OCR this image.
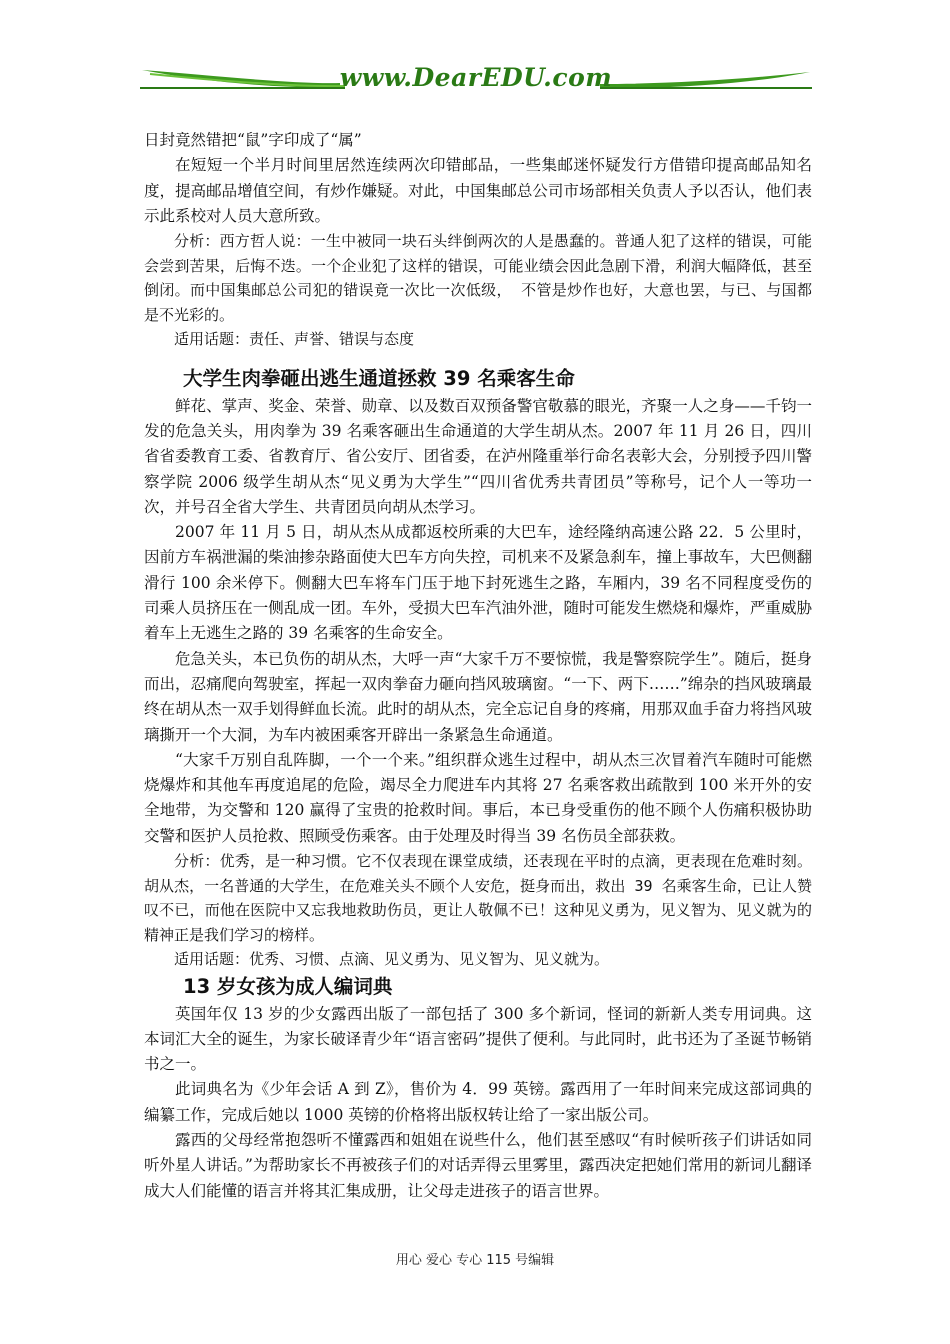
www.DearEDU.com

日封竟然错把“鼠”字印成了“属”

在短短一个半月时间里居然连续两次印错邮品，一些集邮迷怀疑发行方借错印提高邮品知名度，提高邮品增值空间，有炒作嫌疑。对此，中国集邮总公司市场部相关负责人予以否认，他们表示此系校对人员大意所致。

分析：西方哲人说：一生中被同一块石头绊倒两次的人是愚蠢的。普通人犯了这样的错误，可能会尝到苦果，后悔不迭。一个企业犯了这样的错误，可能业绩会因此急剧下滑，利润大幅降低，甚至倒闭。而中国集邮总公司犯的错误竟一次比一次低级， 不管是炒作也好，大意也罢，与已、与国都是不光彩的。

适用话题：责任、声誉、错误与态度

大学生肉拳砸出逃生通道拯救 39 名乘客生命

鲜花、掌声、奖金、荣誉、勋章、以及数百双预备警官敬慕的眼光，齐聚一人之身——千钧一发的危急关头，用肉拳为 39 名乘客砸出生命通道的大学生胡从杰。2007 年 11 月 26 日，四川省省委教育工委、省教育厅、省公安厅、团省委，在泸州隆重举行命名表彰大会，分别授予四川警察学院 2006 级学生胡从杰“见义勇为大学生”“四川省优秀共青团员”等称号，记个人一等功一次，并号召全省大学生、共青团员向胡从杰学习。

2007 年 11 月 5 日，胡从杰从成都返校所乘的大巴车，途经隆纳高速公路 22．5 公里时，因前方车祸泄漏的柴油掺杂路面使大巴车方向失控，司机来不及紧急刹车，撞上事故车，大巴侧翻滑行 100 余米停下。侧翻大巴车将车门压于地下封死逃生之路，车厢内，39 名不同程度受伤的司乘人员挤压在一侧乱成一团。车外，受损大巴车汽油外泄，随时可能发生燃烧和爆炸，严重威胁着车上无逃生之路的 39 名乘客的生命安全。

危急关头，本已负伤的胡从杰，大呼一声“大家千万不要惊慌，我是警察院学生”。随后，挺身而出，忍痛爬向驾驶室，挥起一双肉拳奋力砸向挡风玻璃窗。“一下、两下……”绵杂的挡风玻璃最终在胡从杰一双手划得鲜血长流。此时的胡从杰，完全忘记自身的疼痛，用那双血手奋力将挡风玻璃撕开一个大洞，为车内被困乘客开辟出一条紧急生命通道。

“大家千万别自乱阵脚，一个一个来。”组织群众逃生过程中，胡从杰三次冒着汽车随时可能燃烧爆炸和其他车再度追尾的危险，竭尽全力爬进车内其将 27 名乘客救出疏散到 100 米开外的安全地带，为交警和 120 赢得了宝贵的抢救时间。事后，本已身受重伤的他不顾个人伤痛积极协助交警和医护人员抢救、照顾受伤乘客。由于处理及时得当 39 名伤员全部获救。

分析：优秀，是一种习惯。它不仅表现在课堂成绩，还表现在平时的点滴，更表现在危难时刻。胡从杰，一名普通的大学生，在危难关头不顾个人安危，挺身而出，救出 39 名乘客生命，已让人赞叹不已，而他在医院中又忘我地救助伤员，更让人敬佩不已！这种见义勇为，见义智为、见义就为的精神正是我们学习的榜样。

适用话题：优秀、习惯、点滴、见义勇为、见义智为、见义就为。

13 岁女孩为成人编词典

英国年仅 13 岁的少女露西出版了一部包括了 300 多个新词，怪词的新新人类专用词典。这本词汇大全的诞生，为家长破译青少年“语言密码”提供了便利。与此同时，此书还为了圣诞节畅销书之一。

此词典名为《少年会话 A 到 Z》，售价为 4．99 英镑。露西用了一年时间来完成这部词典的编纂工作，完成后她以 1000 英镑的价格将出版权转让给了一家出版公司。

露西的父母经常抱怨听不懂露西和姐姐在说些什么，他们甚至感叹“有时候听孩子们讲话如同听外星人讲话。”为帮助家长不再被孩子们的对话弄得云里雾里，露西决定把她们常用的新词儿翻译成大人们能懂的语言并将其汇集成册，让父母走进孩子的语言世界。

用心 爱心 专心 115 号编辑
